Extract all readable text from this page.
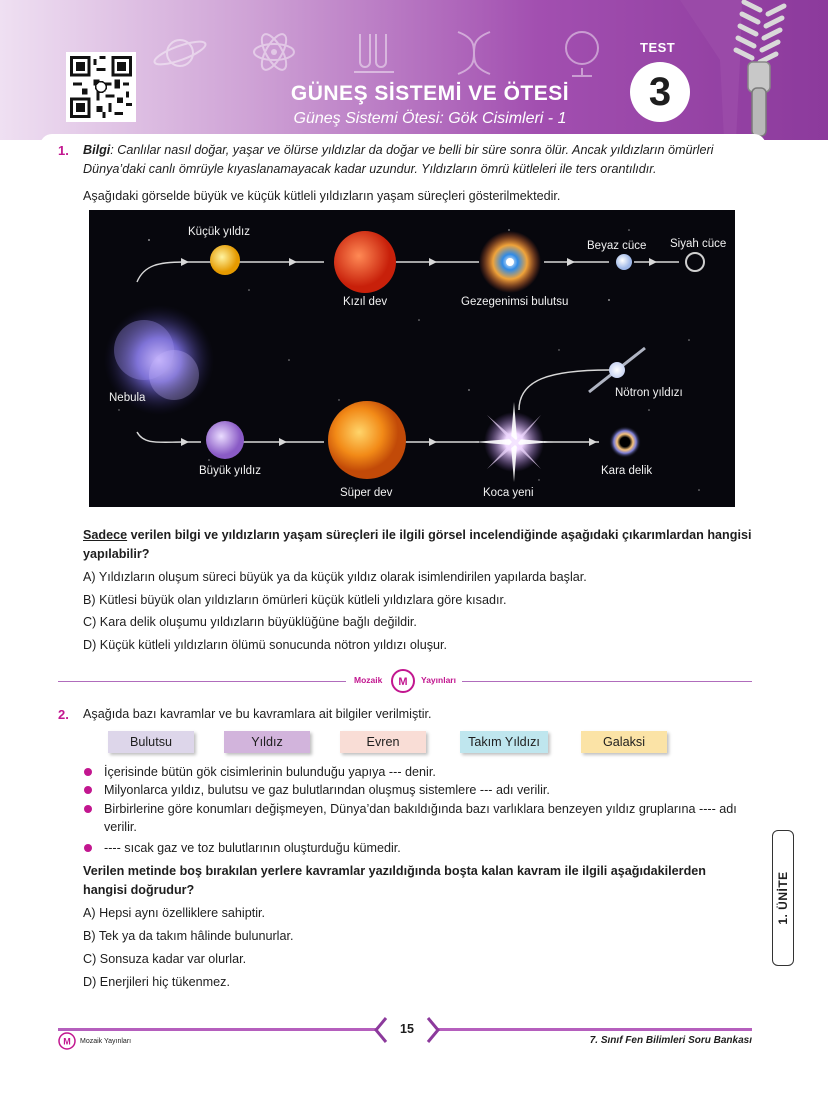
GÜNEŞ SİSTEMİ VE ÖTESİ
Güneş Sistemi Ötesi: Gök Cisimleri - 1
TEST
3
1. Bilgi: Canlılar nasıl doğar, yaşar ve ölürse yıldızlar da doğar ve belli bir süre sonra ölür. Ancak yıldızların ömürleri Dünya’daki canlı ömrüyle kıyaslanamayacak kadar uzundur. Yıldızların ömrü kütleleri ile ters orantılıdır.
Aşağıdaki görselde büyük ve küçük kütleli yıldızların yaşam süreçleri gösterilmektedir.
Küçük yıldız
Kızıl dev	Gezegenimsi bulutsu
Beyaz cüce Siyah cüce
Nebula	Nötron yıldızı
Büyük yıldız
Süper dev	Koca yeni
Kara delik
Sadece verilen bilgi ve yıldızların yaşam süreçleri ile ilgili görsel incelendiğinde aşağıdaki çıkarımlardan hangisi yapılabilir?
A) Yıldızların oluşum süreci büyük ya da küçük yıldız olarak isimlendirilen yapılarda başlar.
B) Kütlesi büyük olan yıldızların ömürleri küçük kütleli yıldızlara göre kısadır.
C) Kara delik oluşumu yıldızların büyüklüğüne bağlı değildir.
D) Küçük kütleli yıldızların ölümü sonucunda nötron yıldızı oluşur.
Mozaik M Yayınları
2. Aşağıda bazı kavramlar ve bu kavramlara ait bilgiler verilmiştir.
Bulutsu	Yıldız	Evren	Takım Yıldızı	Galaksi
İçerisinde bütün gök cisimlerinin bulunduğu yapıya --- denir.
Milyonlarca yıldız, bulutsu ve gaz bulutlarından oluşmuş sistemlere --- adı verilir.
Birbirlerine göre konumları değişmeyen, Dünya’dan bakıldığında bazı varlıklara benzeyen yıldız gruplarına ---- adı verilir.
---- sıcak gaz ve toz bulutlarının oluşturduğu kümedir.
Verilen metinde boş bırakılan yerlere kavramlar yazıldığında boşta kalan kavram ile ilgili aşağıdakilerden hangisi doğrudur?
A) Hepsi aynı özelliklere sahiptir.
B) Tek ya da takım hâlinde bulunurlar.
C) Sonsuza kadar var olurlar.
D) Enerjileri hiç tükenmez.
1. ÜNİTE
15
M Mozaik Yayınları	7. Sınıf Fen Bilimleri Soru Bankası
